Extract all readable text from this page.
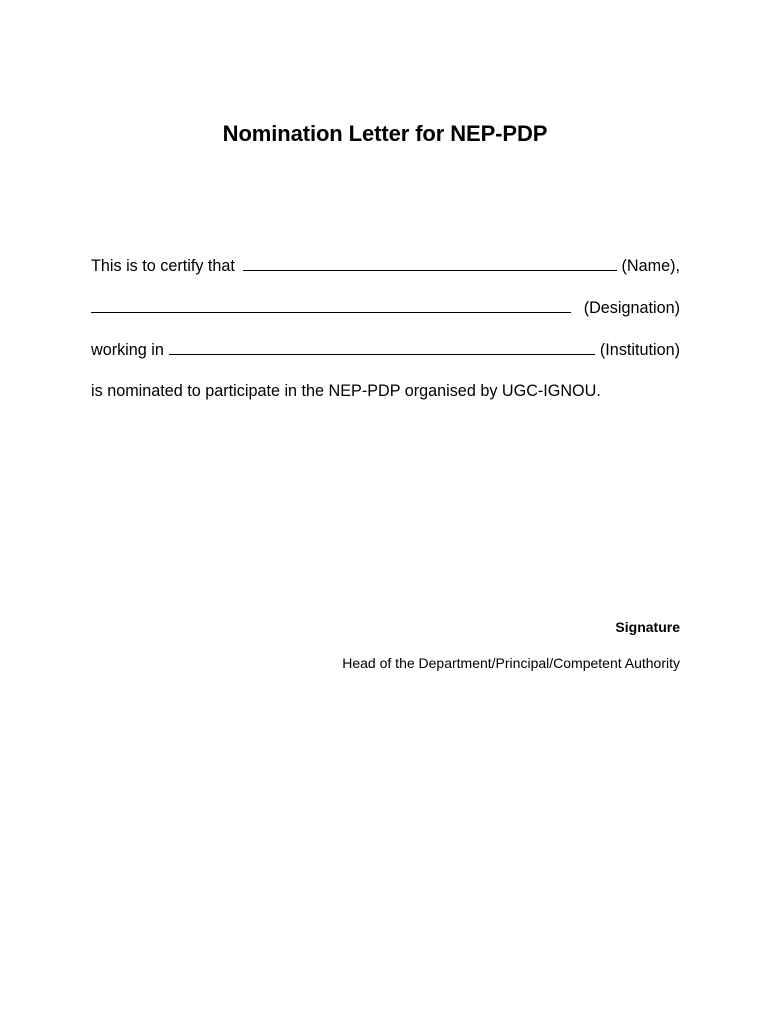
Nomination Letter for NEP-PDP
This is to certify that	(Name),
(Designation)
working in	(Institution)
is nominated to participate in the NEP-PDP organised by UGC-IGNOU.
Signature
Head of the Department/Principal/Competent Authority
